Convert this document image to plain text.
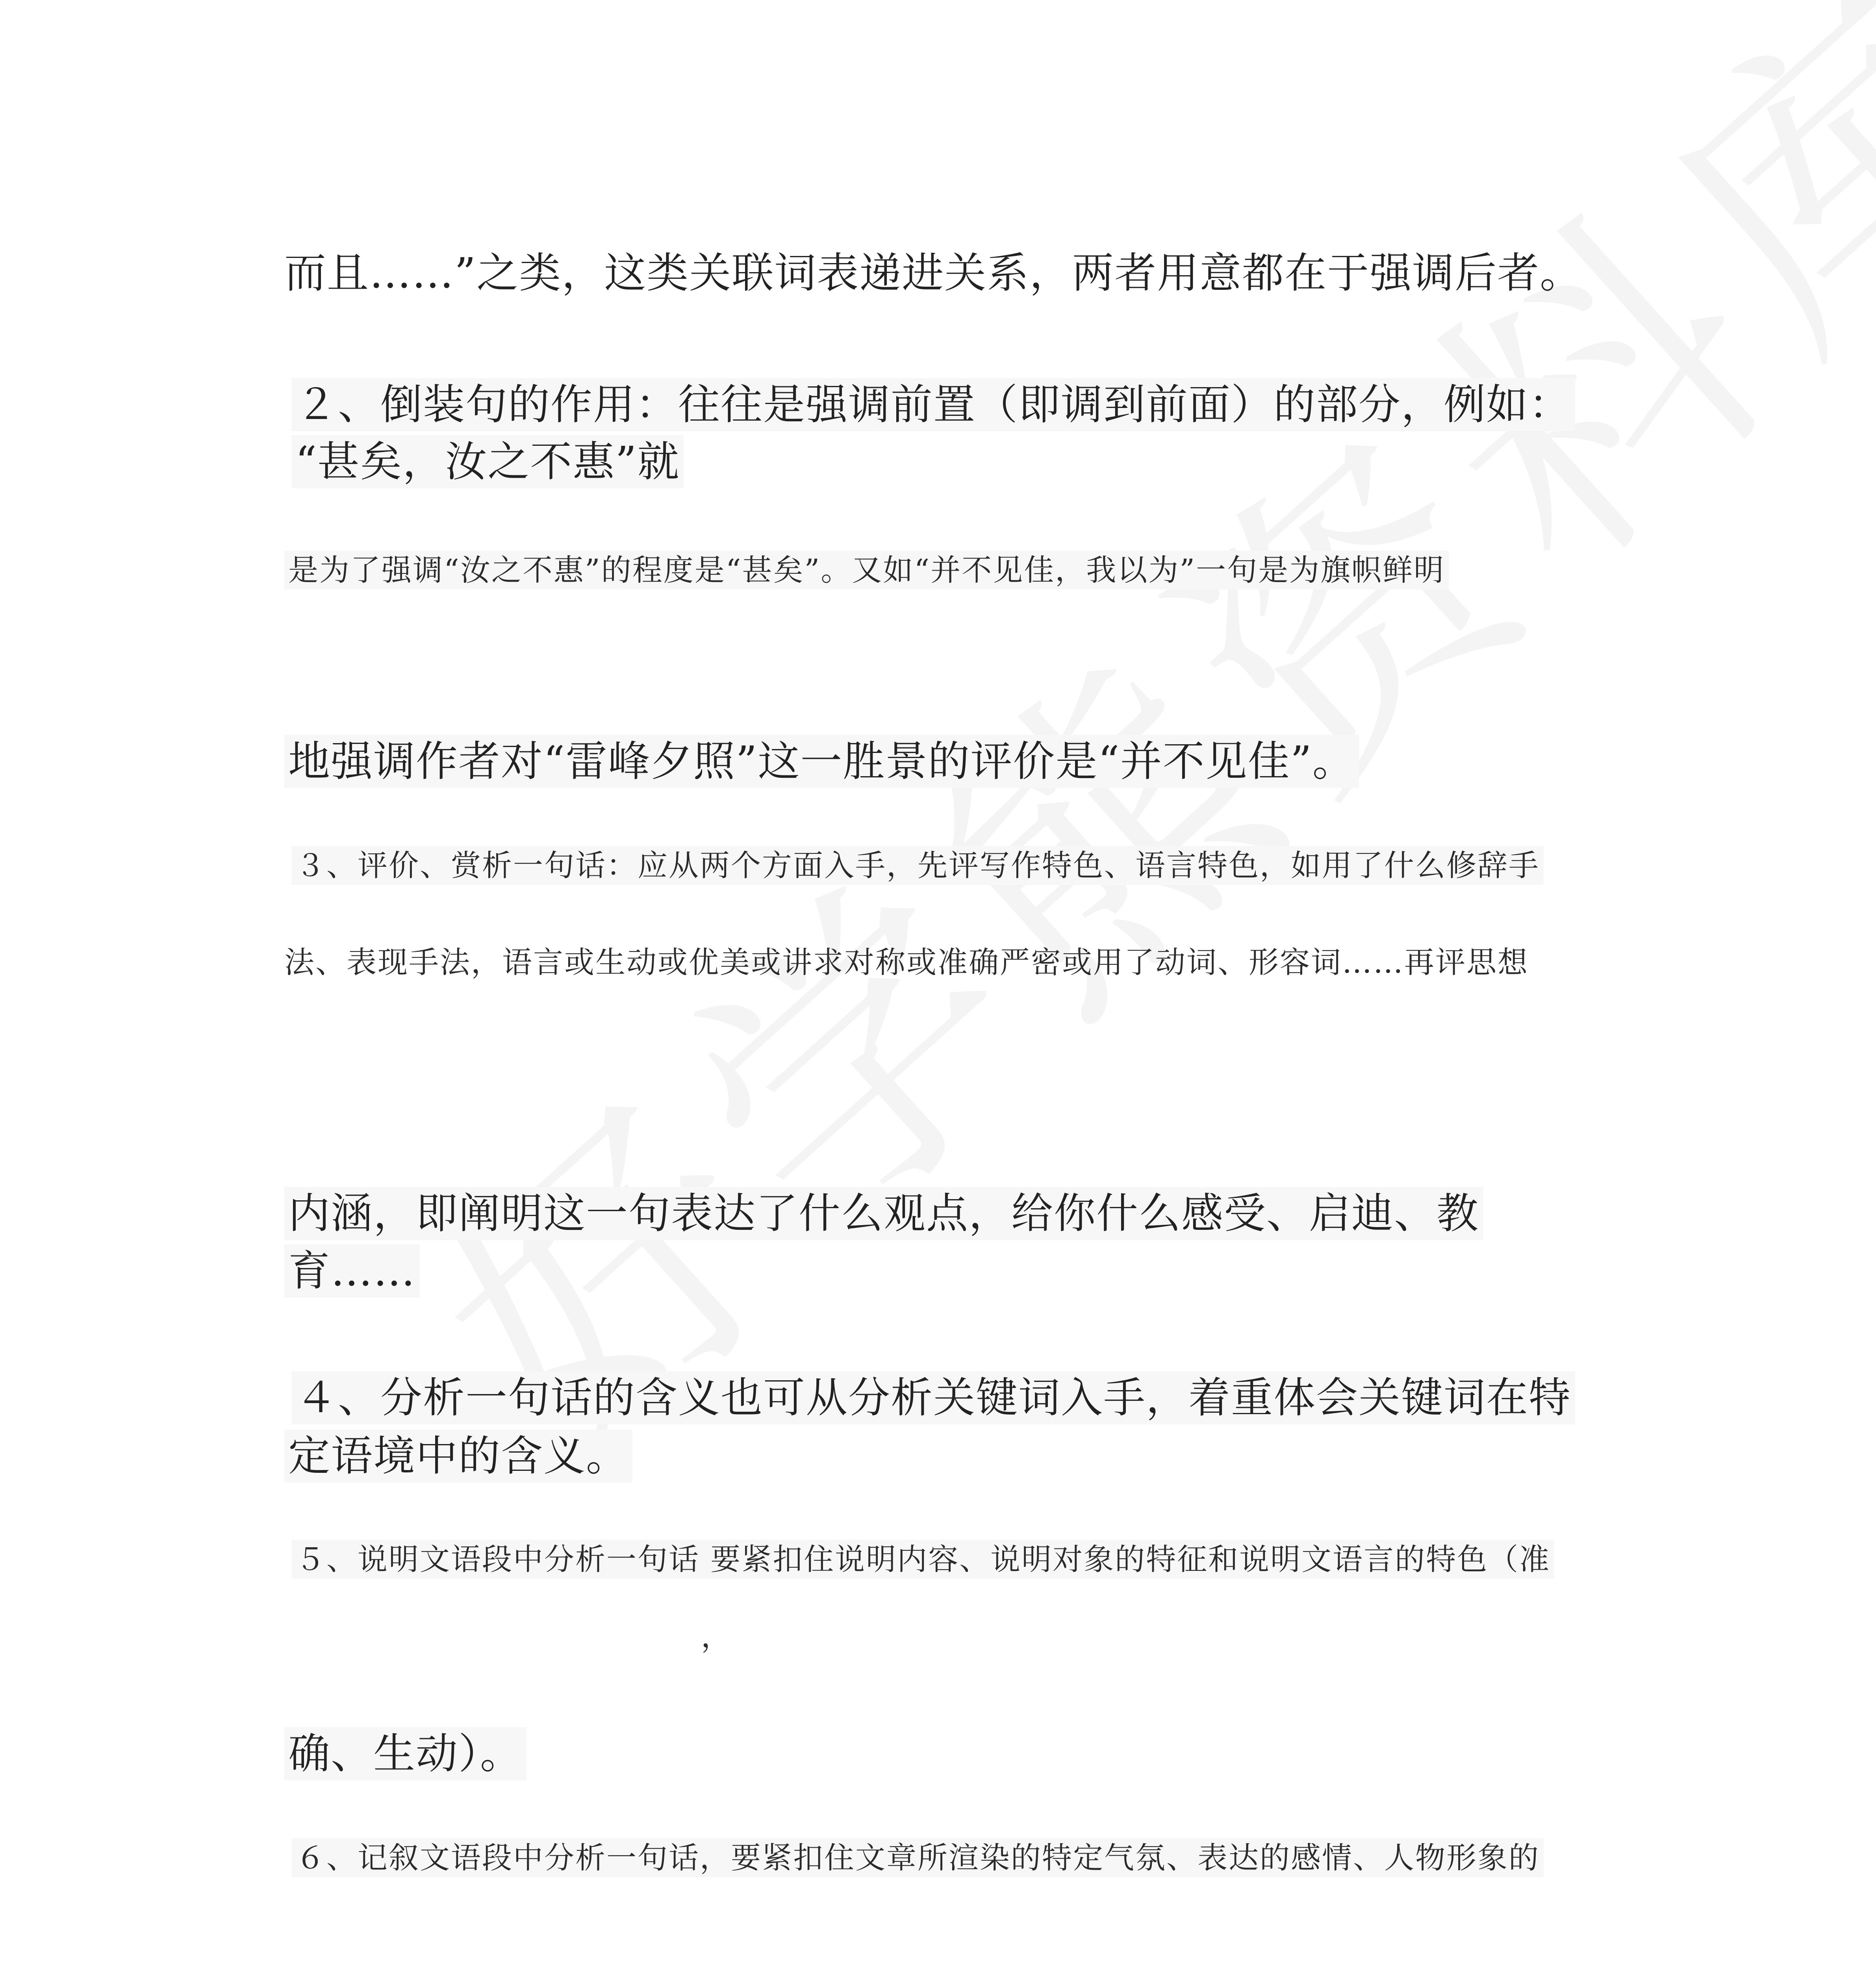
而且……”之类，这类关联词表递进关系，两者用意都在于强调后者。

２、倒装句的作用：往往是强调前置（即调到前面）的部分，例如：

“甚矣，汝之不惠”就

是为了强调“汝之不惠”的程度是“甚矣”。又如“并不见佳，我以为”一句是为旗帜鲜明

地强调作者对“雷峰夕照”这一胜景的评价是“并不见佳”。

３、评价、赏析一句话：应从两个方面入手，先评写作特色、语言特色，如用了什么修辞手

法、表现手法，语言或生动或优美或讲求对称或准确严密或用了动词、形容词……再评思想

内涵，即阐明这一句表达了什么观点，给你什么感受、启迪、教

育……

４、分析一句话的含义也可从分析关键词入手，着重体会关键词在特

定语境中的含义。

５、说明文语段中分析一句话 要紧扣住说明内容、说明对象的特征和说明文语言的特色（准

，

确、生动）。

６、记叙文语段中分析一句话，要紧扣住文章所渲染的特定气氛、表达的感情、人物形象的
